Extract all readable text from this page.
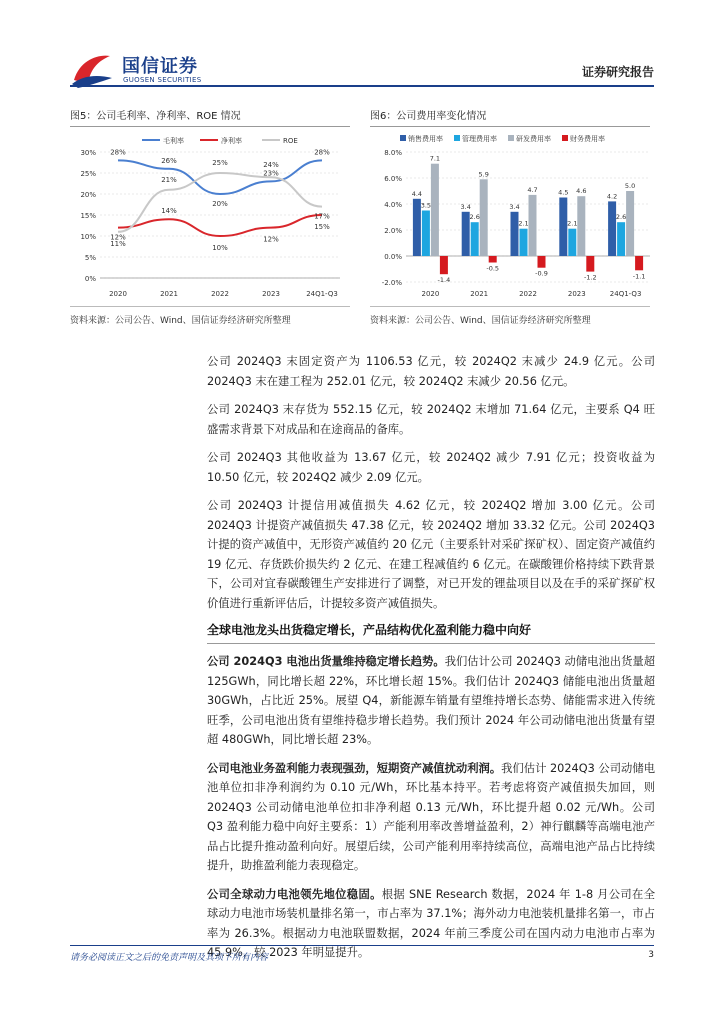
国信证券
GUOSEN SECURITIES
证券研究报告
图5：公司毛利率、净利率、ROE 情况
0%
5%
10%
15%
20%
25%
30%
2020	2021	2022	2023	24Q1-Q3
28%
26%
20%
23%
28%
12%
14%
10%
12%
15%
11%
21%
25%	24%
17%
毛利率	净利率	ROE
资料来源：公司公告、Wind、国信证券经济研究所整理
图6：公司费用率变化情况
-2.0%
0.0%
2.0%
4.0%
6.0%
8.0%
4.4
3.5
7.1
-1.4
2020
3.4
2.6
5.9
-0.5
2021
3.4
2.1
4.7
-0.9
2022
4.5
2.1
4.6
-1.2
2023
4.2
2.6
5.0
-1.1
24Q1-Q3
销售费用率	管理费用率	研发费用率	财务费用率
资料来源：公司公告、Wind、国信证券经济研究所整理

公司 2024Q3 末固定资产为 1106.53 亿元，较 2024Q2 末减少 24.9 亿元。公司 2024Q3 末在建工程为 252.01 亿元，较 2024Q2 末减少 20.56 亿元。

公司 2024Q3 末存货为 552.15 亿元，较 2024Q2 末增加 71.64 亿元，主要系 Q4 旺盛需求背景下对成品和在途商品的备库。

公司 2024Q3 其他收益为 13.67 亿元，较 2024Q2 减少 7.91 亿元；投资收益为 10.50 亿元，较 2024Q2 减少 2.09 亿元。

公司 2024Q3 计提信用减值损失 4.62 亿元，较 2024Q2 增加 3.00 亿元。公司 2024Q3 计提资产减值损失 47.38 亿元，较 2024Q2 增加 33.32 亿元。公司 2024Q3 计提的资产减值中，无形资产减值约 20 亿元（主要系针对采矿探矿权）、固定资产减值约 19 亿元、存货跌价损失约 2 亿元、在建工程减值约 6 亿元。在碳酸锂价格持续下跌背景下，公司对宜春碳酸锂生产安排进行了调整，对已开发的锂盐项目以及在手的采矿探矿权价值进行重新评估后，计提较多资产减值损失。

全球电池龙头出货稳定增长，产品结构优化盈利能力稳中向好

公司 2024Q3 电池出货量维持稳定增长趋势。我们估计公司 2024Q3 动储电池出货量超 125GWh，同比增长超 22%，环比增长超 15%。我们估计 2024Q3 储能电池出货量超 30GWh，占比近 25%。展望 Q4，新能源车销量有望维持增长态势、储能需求进入传统旺季，公司电池出货有望维持稳步增长趋势。我们预计 2024 年公司动储电池出货量有望超 480GWh，同比增长超 23%。

公司电池业务盈利能力表现强劲，短期资产减值扰动利润。我们估计 2024Q3 公司动储电池单位扣非净利润约为 0.10 元/Wh，环比基本持平。若考虑将资产减值损失加回，则 2024Q3 公司动储电池单位扣非净利超 0.13 元/Wh，环比提升超 0.02 元/Wh。公司 Q3 盈利能力稳中向好主要系：1）产能利用率改善增益盈利，2）神行麒麟等高端电池产品占比提升推动盈利向好。展望后续，公司产能利用率持续高位，高端电池产品占比持续提升，助推盈利能力表现稳定。

公司全球动力电池领先地位稳固。根据 SNE Research 数据，2024 年 1-8 月公司在全球动力电池市场装机量排名第一，市占率为 37.1%；海外动力电池装机量排名第一，市占率为 26.3%。根据动力电池联盟数据，2024 年前三季度公司在国内动力电池市占率为 45.9%，较 2023 年明显提升。

请务必阅读正文之后的免责声明及其项下所有内容	3
